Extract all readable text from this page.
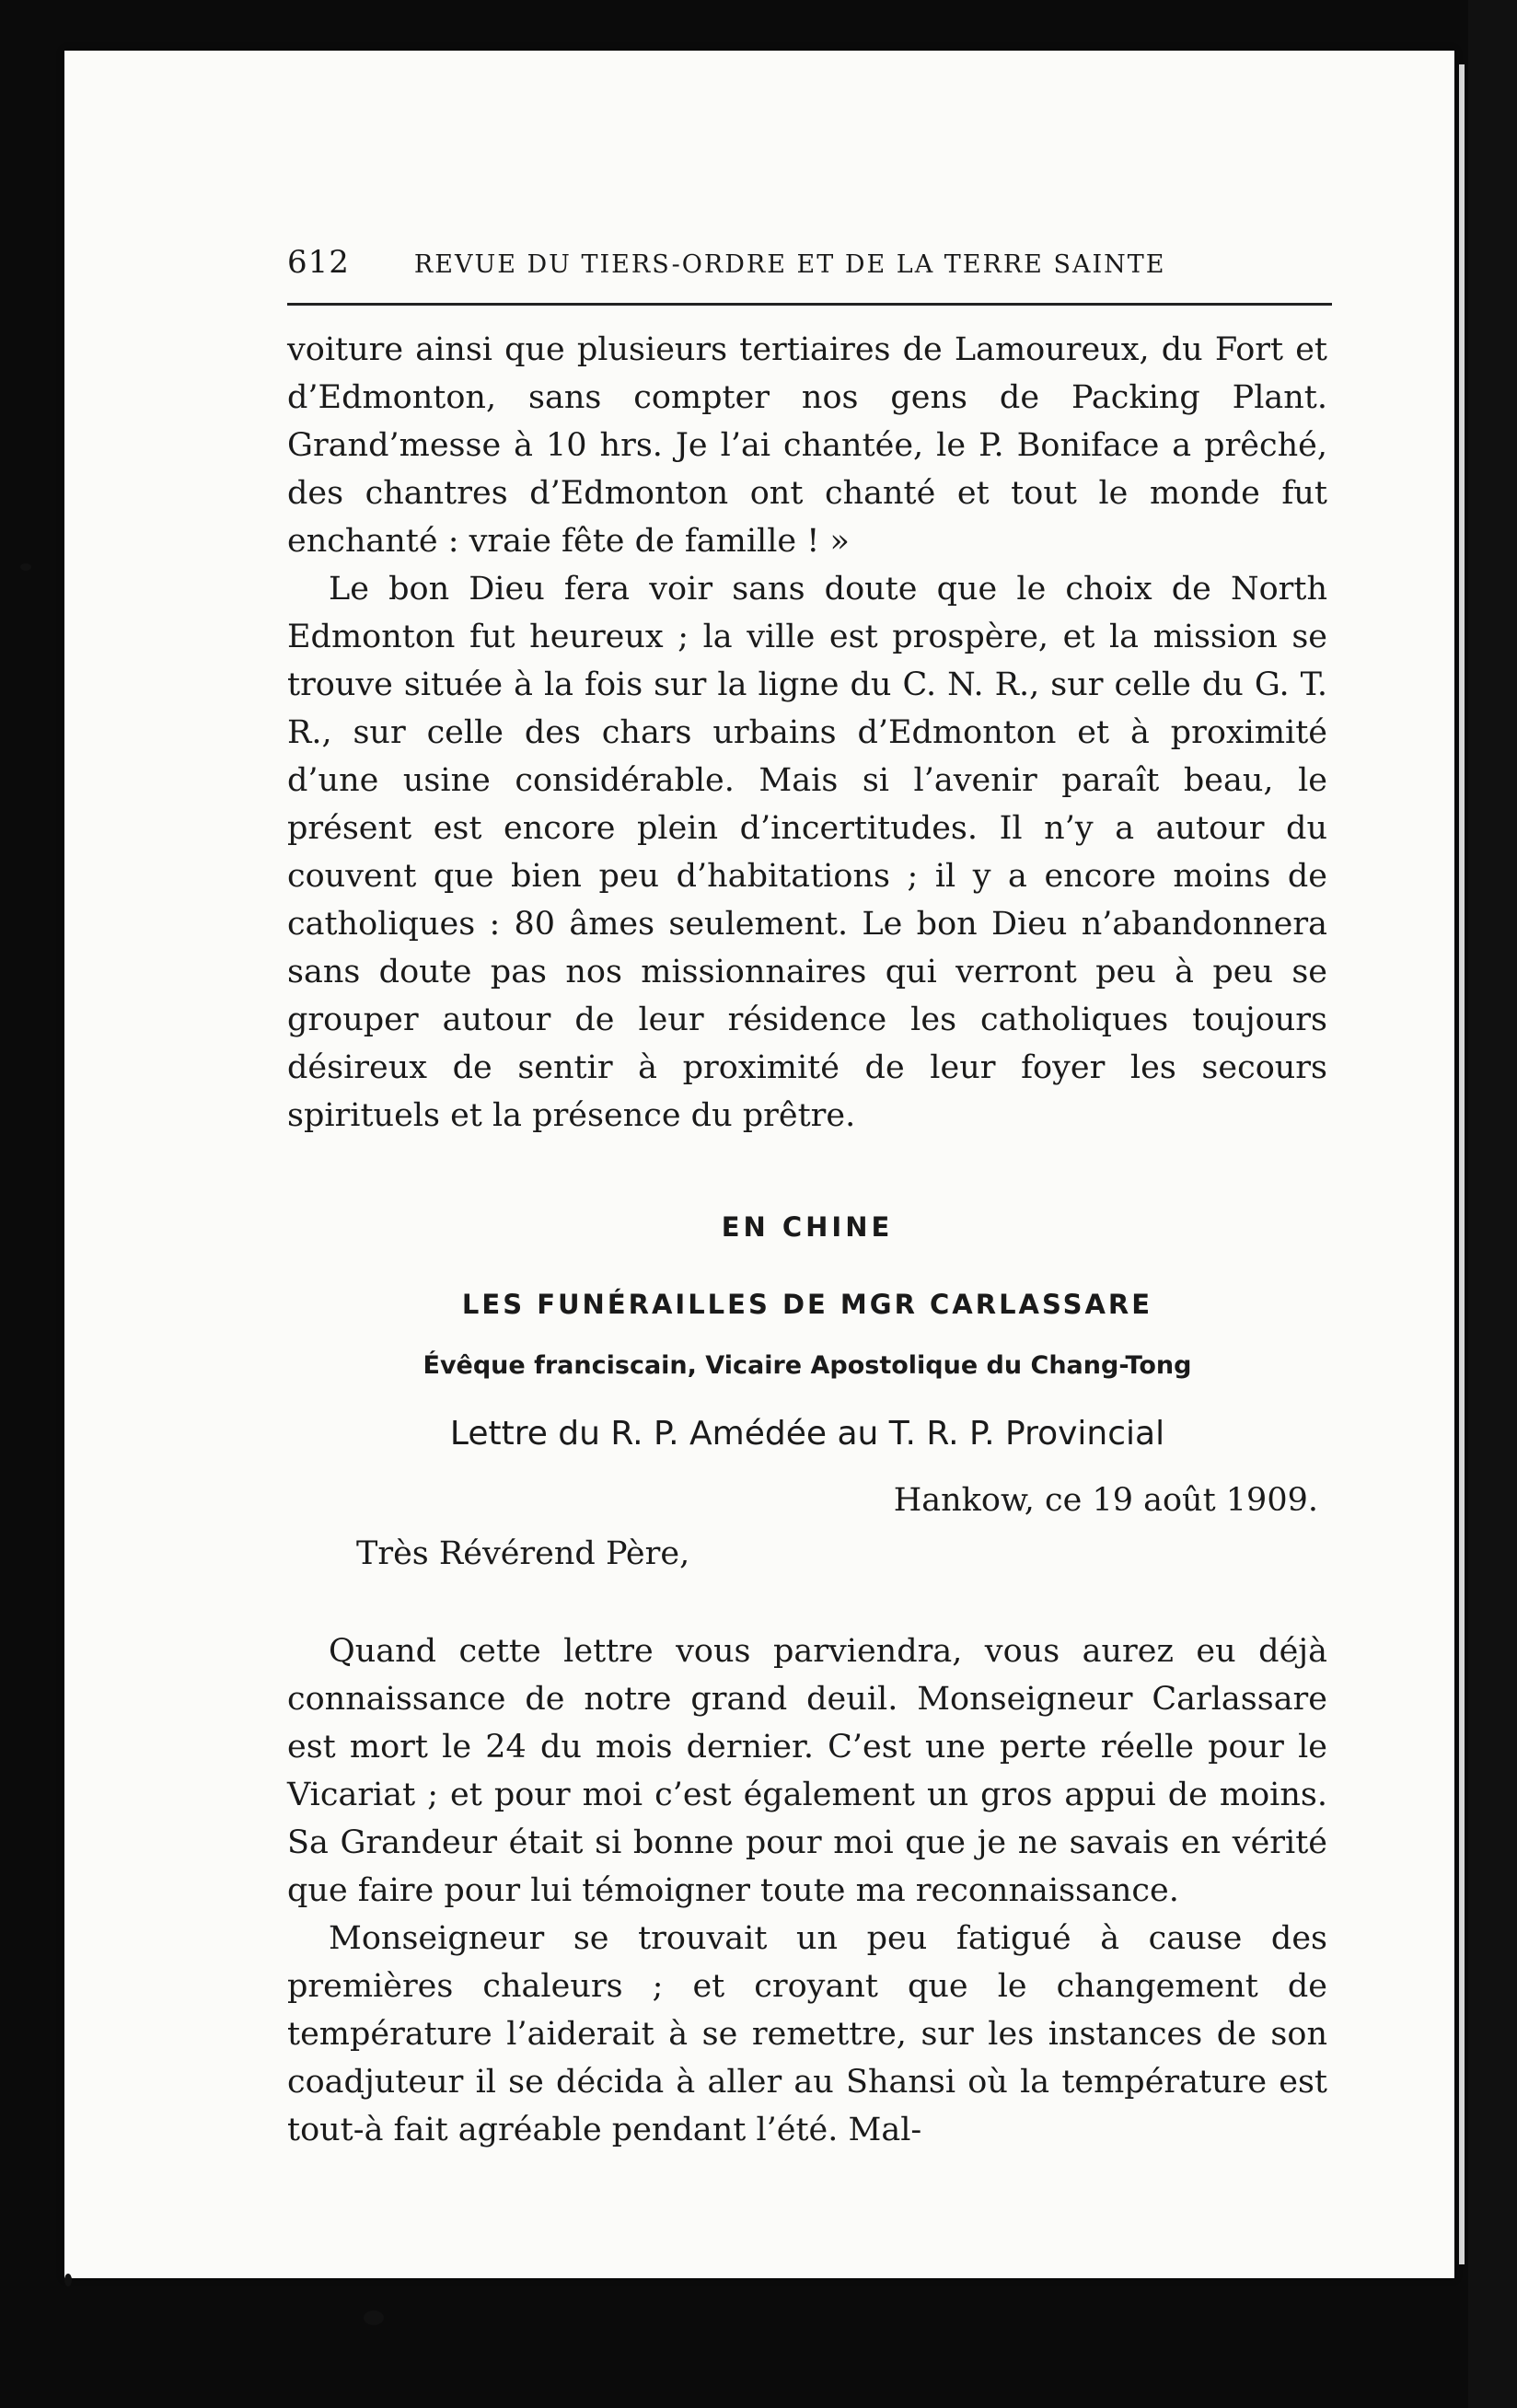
612	REVUE DU TIERS-ORDRE ET DE LA TERRE SAINTE

voiture ainsi que plusieurs tertiaires de Lamoureux, du Fort et d’Edmonton, sans compter nos gens de Packing Plant. Grand’messe à 10 hrs. Je l’ai chantée, le P. Boniface a prêché, des chantres d’Edmonton ont chanté et tout le monde fut enchanté : vraie fête de famille ! »

Le bon Dieu fera voir sans doute que le choix de North Edmonton fut heureux ; la ville est prospère, et la mission se trouve située à la fois sur la ligne du C. N. R., sur celle du G. T. R., sur celle des chars urbains d’Edmonton et à proximité d’une usine considérable. Mais si l’avenir paraît beau, le présent est encore plein d’incertitudes. Il n’y a autour du couvent que bien peu d’habitations ; il y a encore moins de catholiques : 80 âmes seulement. Le bon Dieu n’abandonnera sans doute pas nos missionnaires qui verront peu à peu se grouper autour de leur résidence les catholiques toujours désireux de sentir à proximité de leur foyer les secours spirituels et la présence du prêtre.

EN CHINE
LES FUNÉRAILLES DE MGR CARLASSARE
Évêque franciscain, Vicaire Apostolique du Chang-Tong
Lettre du R. P. Amédée au T. R. P. Provincial
Hankow, ce 19 août 1909.
Très Révérend Père,

Quand cette lettre vous parviendra, vous aurez eu déjà connaissance de notre grand deuil. Monseigneur Carlassare est mort le 24 du mois dernier. C’est une perte réelle pour le Vicariat ; et pour moi c’est également un gros appui de moins. Sa Grandeur était si bonne pour moi que je ne savais en vérité que faire pour lui témoigner toute ma reconnaissance.

Monseigneur se trouvait un peu fatigué à cause des premières chaleurs ; et croyant que le changement de température l’aiderait à se remettre, sur les instances de son coadjuteur il se décida à aller au Shansi où la température est tout-à fait agréable pendant l’été. Mal-
